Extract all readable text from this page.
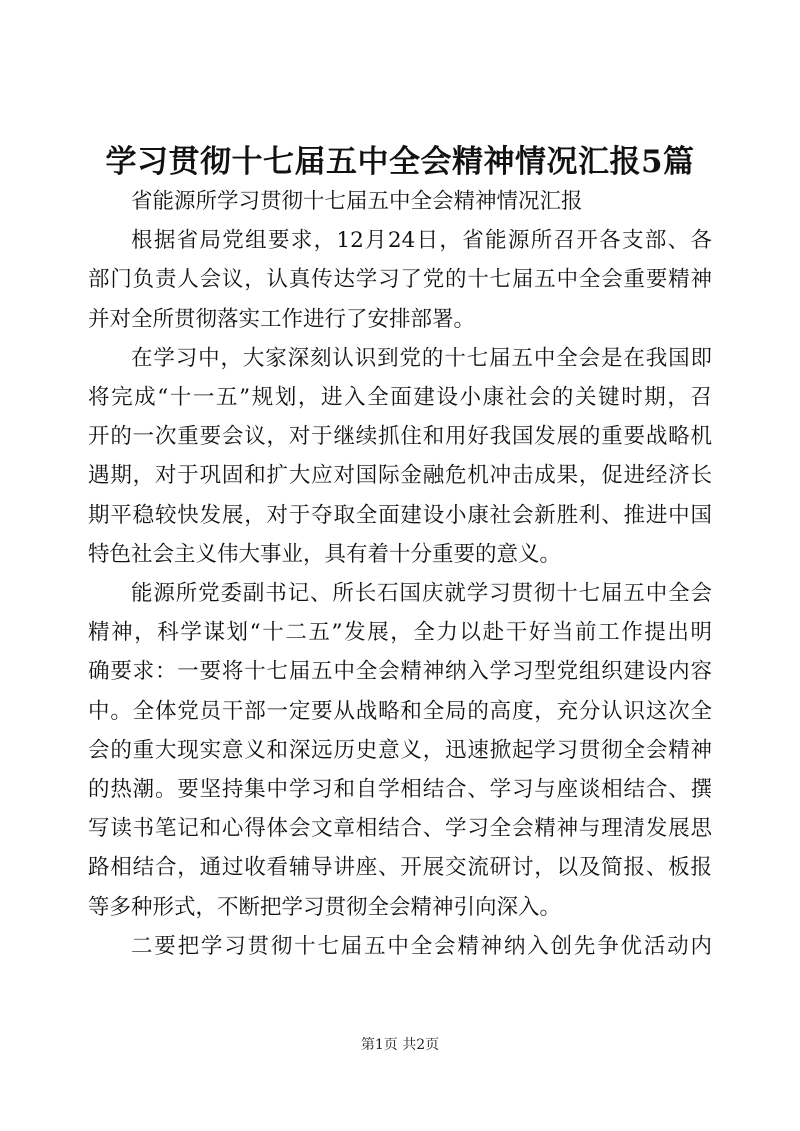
学习贯彻十七届五中全会精神情况汇报5篇
省能源所学习贯彻十七届五中全会精神情况汇报
根据省局党组要求，12月24日，省能源所召开各支部、各
部门负责人会议，认真传达学习了党的十七届五中全会重要精神
并对全所贯彻落实工作进行了安排部署。
在学习中，大家深刻认识到党的十七届五中全会是在我国即
将完成“十一五”规划，进入全面建设小康社会的关键时期，召
开的一次重要会议，对于继续抓住和用好我国发展的重要战略机
遇期，对于巩固和扩大应对国际金融危机冲击成果，促进经济长
期平稳较快发展，对于夺取全面建设小康社会新胜利、推进中国
特色社会主义伟大事业，具有着十分重要的意义。
能源所党委副书记、所长石国庆就学习贯彻十七届五中全会
精神，科学谋划“十二五”发展，全力以赴干好当前工作提出明
确要求：一要将十七届五中全会精神纳入学习型党组织建设内容
中。全体党员干部一定要从战略和全局的高度，充分认识这次全
会的重大现实意义和深远历史意义，迅速掀起学习贯彻全会精神
的热潮。要坚持集中学习和自学相结合、学习与座谈相结合、撰
写读书笔记和心得体会文章相结合、学习全会精神与理清发展思
路相结合，通过收看辅导讲座、开展交流研讨，以及简报、板报
等多种形式，不断把学习贯彻全会精神引向深入。
二要把学习贯彻十七届五中全会精神纳入创先争优活动内
第1页 共2页
